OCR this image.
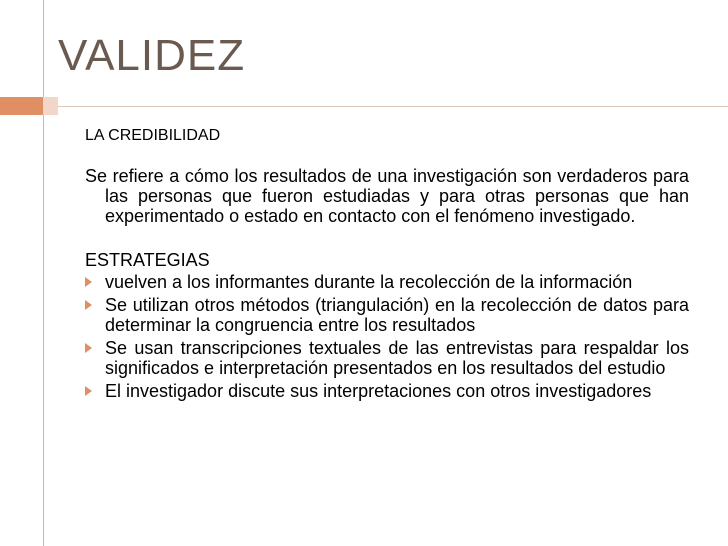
VALIDEZ
LA CREDIBILIDAD
Se refiere a cómo los resultados de una investigación son verdaderos para las personas que fueron estudiadas y para otras personas que han experimentado o estado en contacto con el fenómeno investigado.
ESTRATEGIAS
vuelven a los informantes durante la recolección de la información
Se utilizan otros métodos (triangulación) en la recolección de datos para determinar la congruencia entre los resultados
Se usan transcripciones textuales de las entrevistas para respaldar los significados e interpretación presentados en los resultados del estudio
El investigador discute sus interpretaciones con otros investigadores
